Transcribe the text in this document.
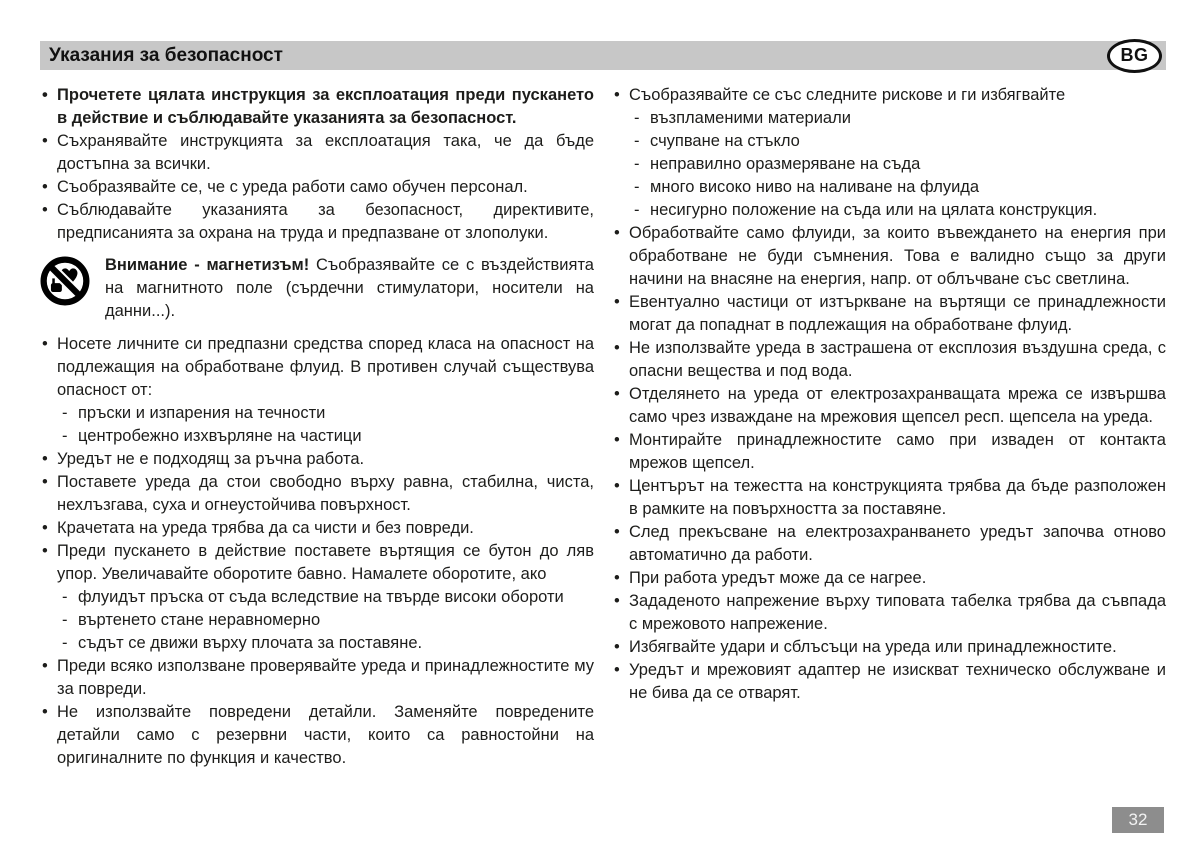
Указания за безопасност	BG
• Прочетете цялата инструкция за експлоатация преди пускането в действие и съблюдавайте указанията за безопасност.
• Съхранявайте инструкцията за експлоатация така, че да бъде достъпна за всички.
• Съобразявайте се, че с уреда работи само обучен персонал.
• Съблюдавайте указанията за безопасност, директивите, предписанията за охрана на труда и предпазване от злополуки.

Внимание - магнетизъм! Съобразявайте се с въздействията на магнитното поле (сърдечни стимулатори, носители на данни...).

• Носете личните си предпазни средства според класа на опасност на подлежащия на обработване флуид. В противен случай съществува опасност от:
- пръски и изпарения на течности
- центробежно изхвърляне на частици
• Уредът не е подходящ за ръчна работа.
• Поставете уреда да стои свободно върху равна, стабилна, чиста, нехлъзгава, суха и огнеустойчива повърхност.
• Крачетата на уреда трябва да са чисти и без повреди.
• Преди пускането в действие поставете въртящия се бутон до ляв упор. Увеличавайте оборотите бавно. Намалете оборотите, ако
- флуидът пръска от съда вследствие на твърде високи обороти
- въртенето стане неравномерно
- съдът се движи върху плочата за поставяне.
• Преди всяко използване проверявайте уреда и принадлежностите му за повреди.
• Не използвайте повредени детайли. Заменяйте повредените детайли само с резервни части, които са равностойни на оригиналните по функция и качество.
• Съобразявайте се със следните рискове и ги избягвайте
- възпламеними материали
- счупване на стъкло
- неправилно оразмеряване на съда
- много високо ниво на наливане на флуида
- несигурно положение на съда или на цялата конструкция.
• Обработвайте само флуиди, за които въвеждането на енергия при обработване не буди съмнения. Това е валидно също за други начини на внасяне на енергия, напр. от облъчване със светлина.
• Евентуално частици от изтъркване на въртящи се принадлежности могат да попаднат в подлежащия на обработване флуид.
• Не използвайте уреда в застрашена от експлозия въздушна среда, с опасни вещества и под вода.
• Отделянето на уреда от електрозахранващата мрежа се извършва само чрез изваждане на мрежовия щепсел респ. щепсела на уреда.
• Монтирайте принадлежностите само при изваден от контакта мрежов щепсел.
• Центърът на тежестта на конструкцията трябва да бъде разположен в рамките на повърхността за поставяне.
• След прекъсване на електрозахранването уредът започва отново автоматично да работи.
• При работа уредът може да се нагрее.
• Зададеното напрежение върху типовата табелка трябва да съвпада с мрежовото напрежение.
• Избягвайте удари и сблъсъци на уреда или принадлежностите.
• Уредът и мрежовият адаптер не изискват техническо обслужване и не бива да се отварят.
32
